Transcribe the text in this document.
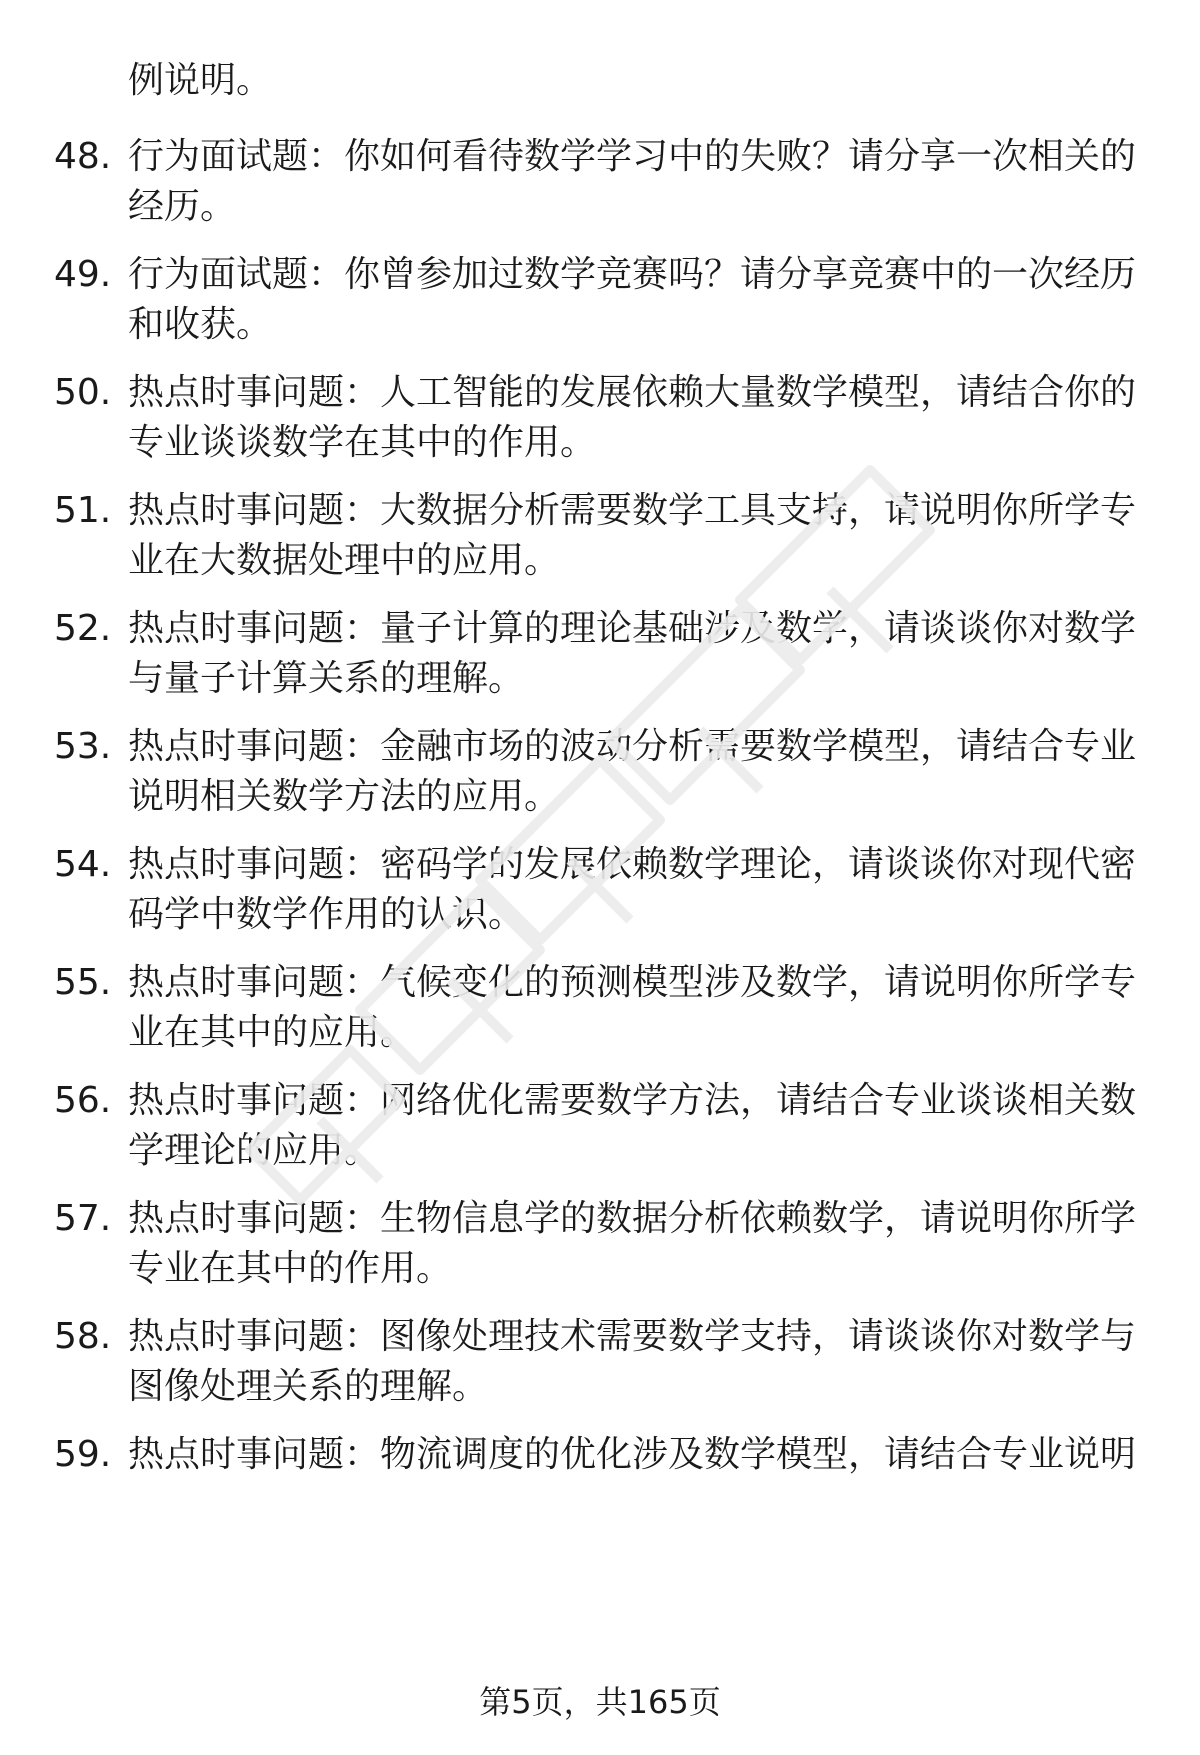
例说明。
48. 行为面试题：你如何看待数学学习中的失败？请分享一次相关的
经历。
49. 行为面试题：你曾参加过数学竞赛吗？请分享竞赛中的一次经历
和收获。
50. 热点时事问题：人工智能的发展依赖大量数学模型，请结合你的
专业谈谈数学在其中的作用。
51. 热点时事问题：大数据分析需要数学工具支持，请说明你所学专
业在大数据处理中的应用。
52. 热点时事问题：量子计算的理论基础涉及数学，请谈谈你对数学
与量子计算关系的理解。
53. 热点时事问题：金融市场的波动分析需要数学模型，请结合专业
说明相关数学方法的应用。
54. 热点时事问题：密码学的发展依赖数学理论，请谈谈你对现代密
码学中数学作用的认识。
55. 热点时事问题：气候变化的预测模型涉及数学，请说明你所学专
业在其中的应用。
56. 热点时事问题：网络优化需要数学方法，请结合专业谈谈相关数
学理论的应用。
57. 热点时事问题：生物信息学的数据分析依赖数学，请说明你所学
专业在其中的作用。
58. 热点时事问题：图像处理技术需要数学支持，请谈谈你对数学与
图像处理关系的理解。
59. 热点时事问题：物流调度的优化涉及数学模型，请结合专业说明
第5页，共165页
